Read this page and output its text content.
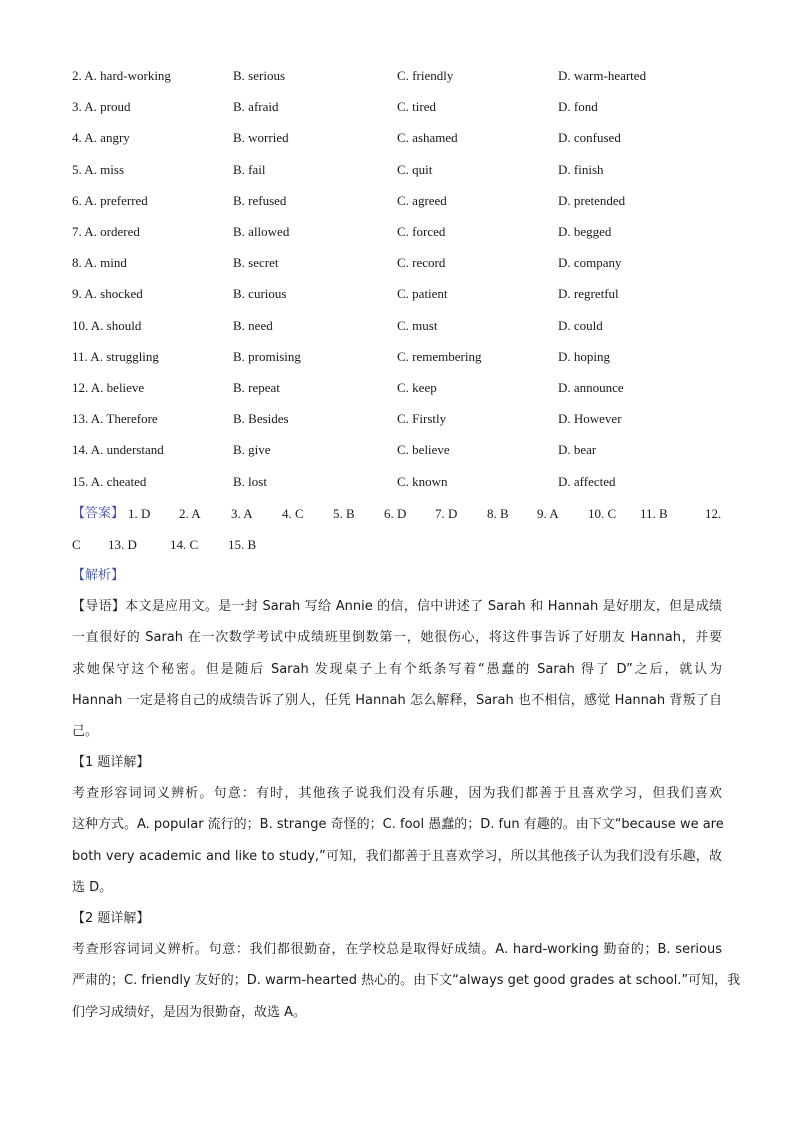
2. A. hard-working	B. serious	C. friendly	D. warm-hearted
3. A. proud	B. afraid	C. tired	D. fond
4. A. angry	B. worried	C. ashamed	D. confused
5. A. miss	B. fail	C. quit	D. finish
6. A. preferred	B. refused	C. agreed	D. pretended
7. A. ordered	B. allowed	C. forced	D. begged
8. A. mind	B. secret	C. record	D. company
9. A. shocked	B. curious	C. patient	D. regretful
10. A. should	B. need	C. must	D. could
11. A. struggling	B. promising	C. remembering	D. hoping
12. A. believe	B. repeat	C. keep	D. announce
13. A. Therefore	B. Besides	C. Firstly	D. However
14. A. understand	B. give	C. believe	D. bear
15. A. cheated	B. lost	C. known	D. affected
【答案】 1. D 2. A 3. A 4. C 5. B 6. D 7. D 8. B 9. A 10. C 11. B	12.
C 13. D	14. C 15. B
【解析】
【导语】本文是应用文。是一封 Sarah 写给 Annie 的信，信中讲述了 Sarah 和 Hannah 是好朋友，但是成绩
一直很好的 Sarah 在一次数学考试中成绩班里倒数第一，她很伤心，将这件事告诉了好朋友 Hannah，并要
求她保守这个秘密。但是随后 Sarah 发现桌子上有个纸条写着“愚蠢的 Sarah 得了 D”之后，就认为
Hannah 一定是将自己的成绩告诉了别人，任凭 Hannah 怎么解释，Sarah 也不相信，感觉 Hannah 背叛了自
己。
【1 题详解】
考查形容词词义辨析。句意：有时，其他孩子说我们没有乐趣，因为我们都善于且喜欢学习，但我们喜欢
这种方式。A. popular 流行的；B. strange 奇怪的；C. fool 愚蠢的；D. fun 有趣的。由下文“because we are
both very academic and like to study,”可知，我们都善于且喜欢学习，所以其他孩子认为我们没有乐趣，故
选 D。
【2 题详解】
考查形容词词义辨析。句意：我们都很勤奋，在学校总是取得好成绩。A. hard-working 勤奋的；B. serious
严肃的；C. friendly 友好的；D. warm-hearted 热心的。由下文“always get good grades at school.”可知，我
们学习成绩好，是因为很勤奋，故选 A。
